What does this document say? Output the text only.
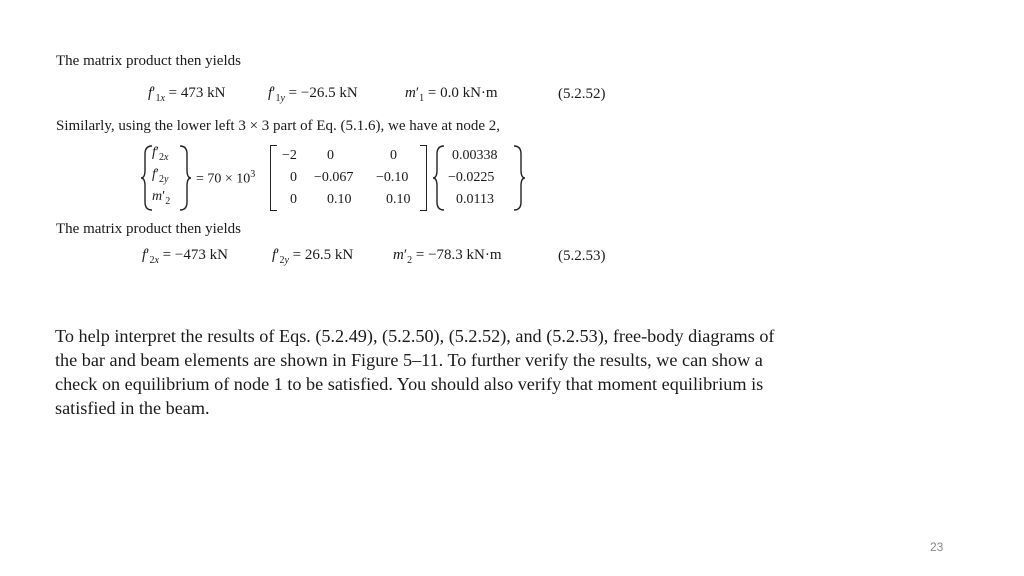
The matrix product then yields
$f'_{1x} = 473$ kN	$f'_{1y} = -26.5$ kN	$m'_1 = 0.0$ kN·m	(5.2.52)
Similarly, using the lower left 3 × 3 part of Eq. (5.1.6), we have at node 2,
$f'_{2x}$
$f'_{2y}$
$m'_2$
= $70 \times 10^3$
−2 0	0
0 −0.067 −0.10
0 0.10 0.10
0.00338
−0.0225
0.0113
The matrix product then yields
$f'_{2x} = -473$ kN	$f'_{2y} = 26.5$ kN	$m'_2 = -78.3$ kN·m	(5.2.53)
To help interpret the results of Eqs. (5.2.49), (5.2.50), (5.2.52), and (5.2.53), free-body diagrams of the bar and beam elements are shown in Figure 5–11. To further verify the results, we can show a check on equilibrium of node 1 to be satisfied. You should also verify that moment equilibrium is satisfied in the beam.
23
